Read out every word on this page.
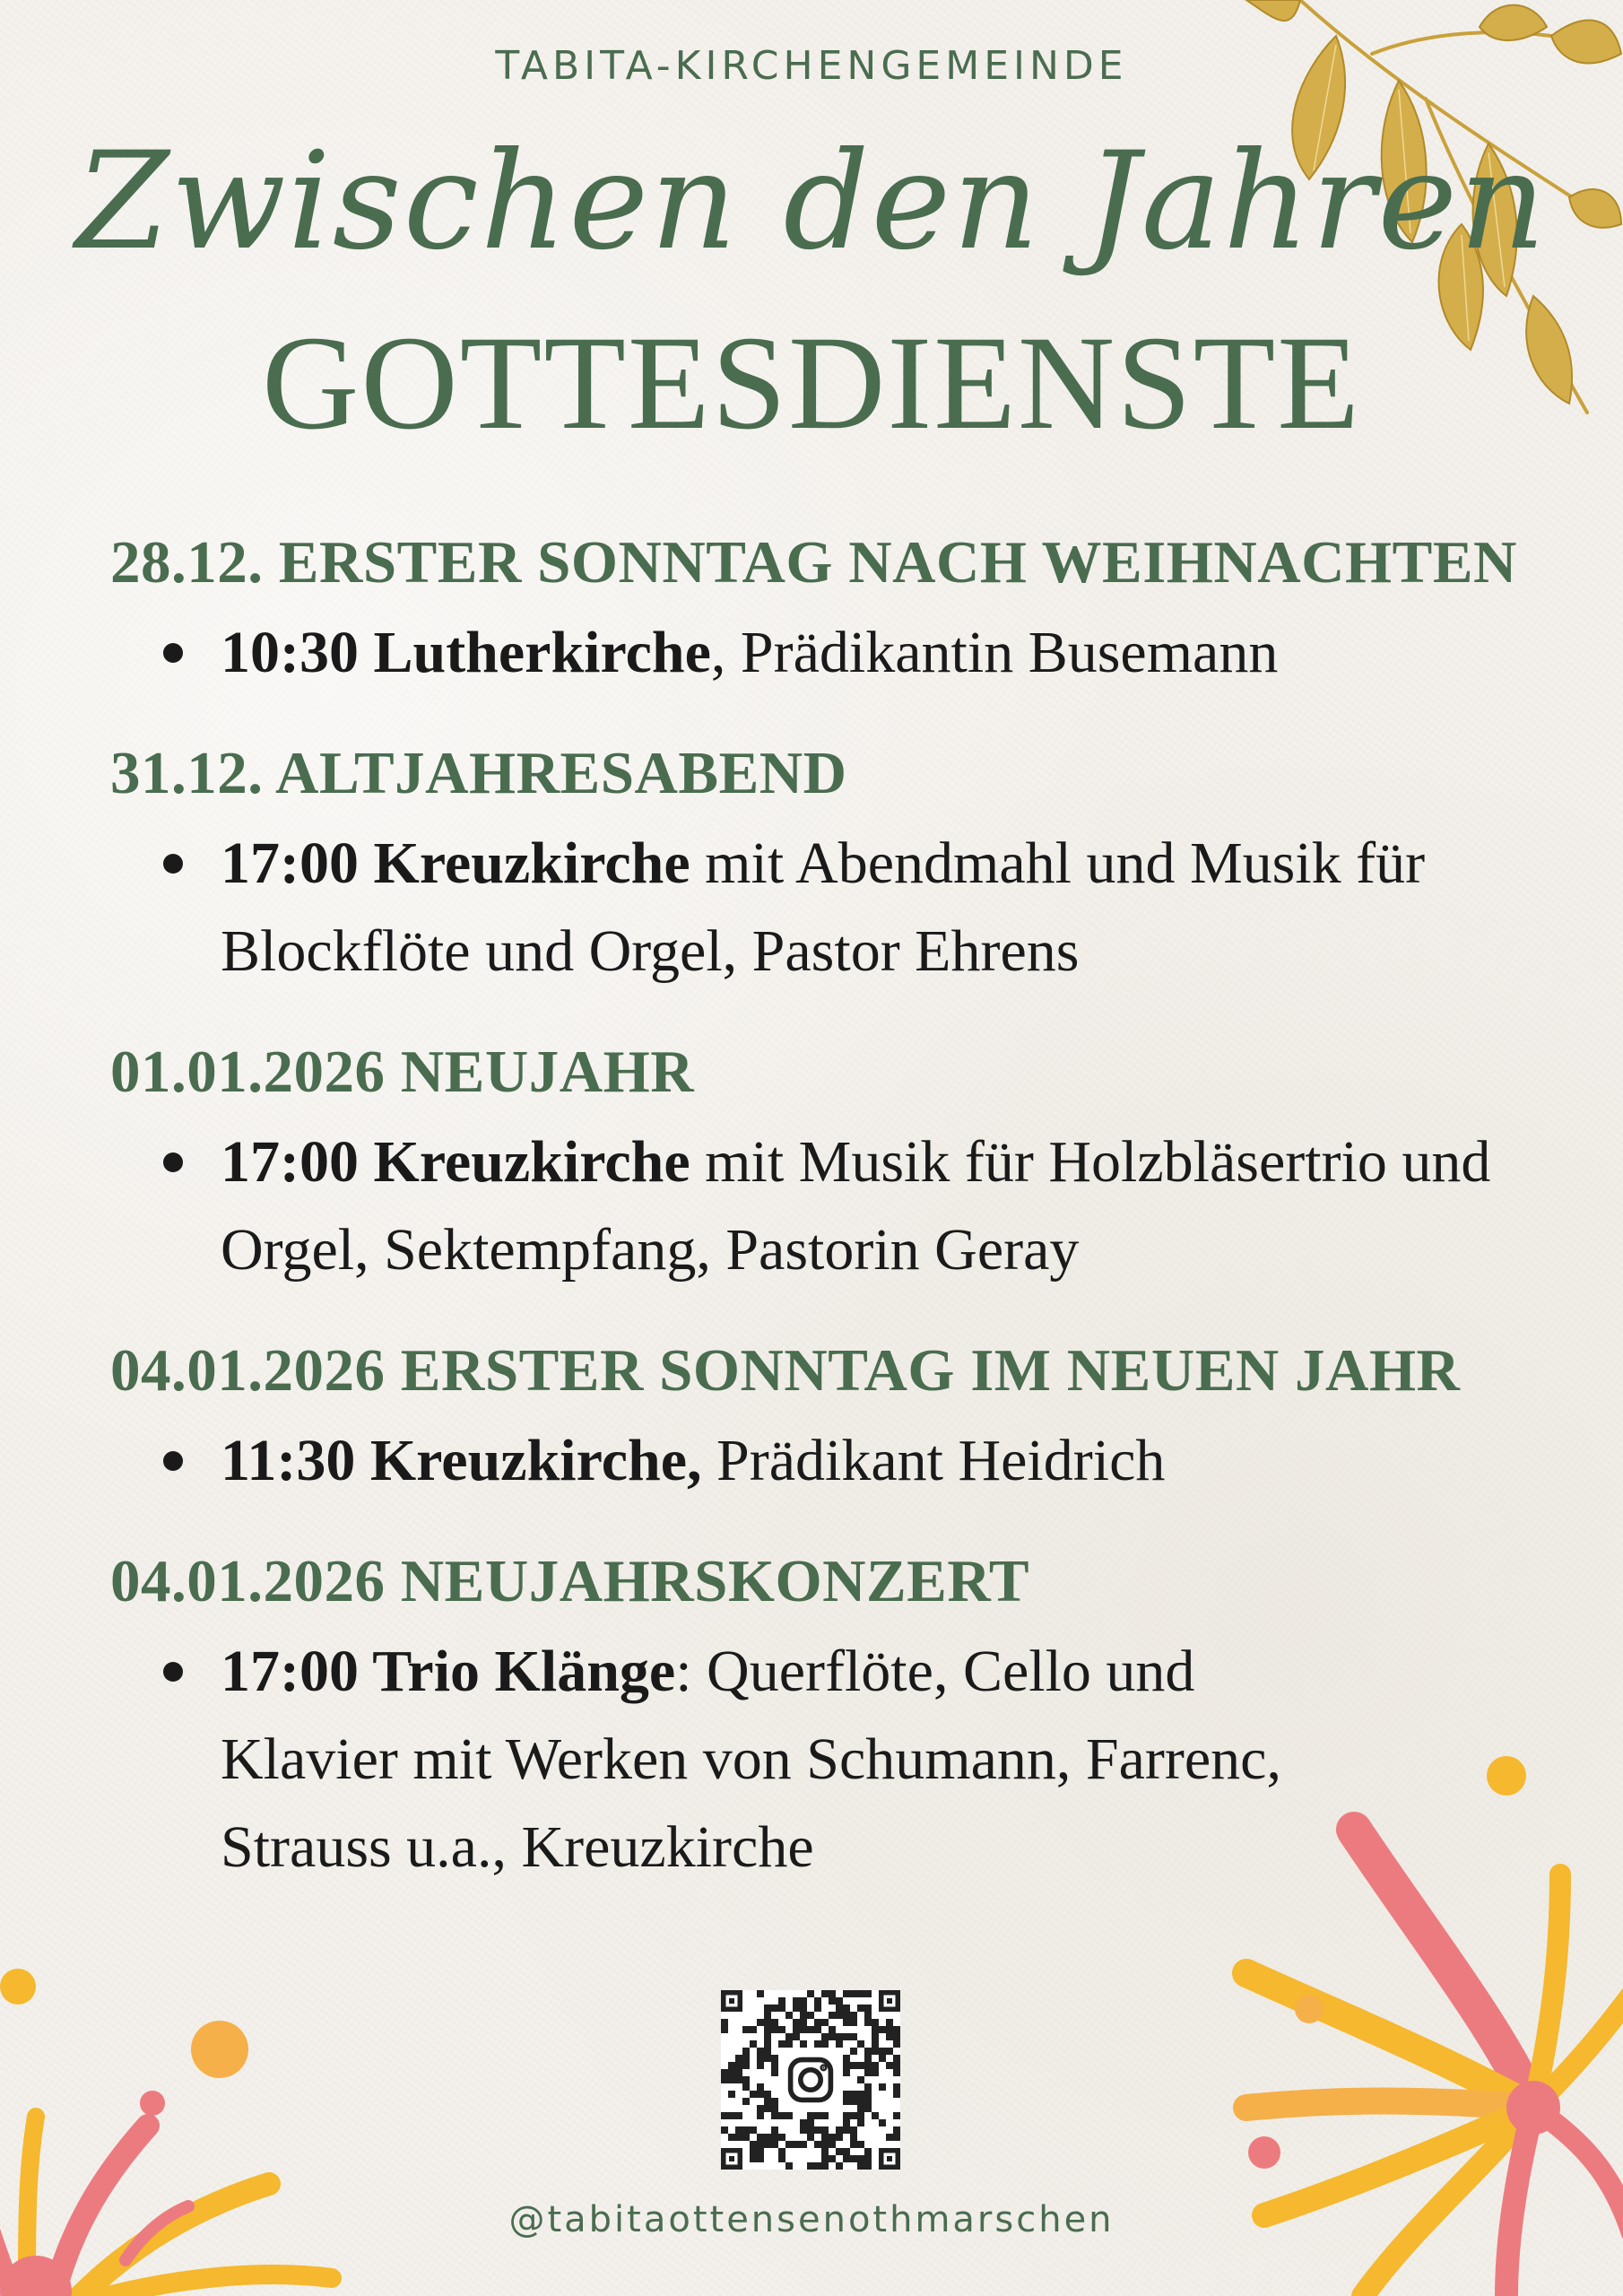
TABITA-KIRCHENGEMEINDE
Zwischen den Jahren
GOTTESDIENSTE
28.12. ERSTER SONNTAG NACH WEIHNACHTEN
10:30 Lutherkirche, Prädikantin Busemann
31.12. ALTJAHRESABEND
17:00 Kreuzkirche mit Abendmahl und Musik für Blockflöte und Orgel, Pastor Ehrens
01.01.2026 NEUJAHR
17:00 Kreuzkirche mit Musik für Holzbläsertrio und Orgel, Sektempfang, Pastorin Geray
04.01.2026 ERSTER SONNTAG IM NEUEN JAHR
11:30 Kreuzkirche, Prädikant Heidrich
04.01.2026 NEUJAHRSKONZERT
17:00 Trio Klänge: Querflöte, Cello und Klavier mit Werken von Schumann, Farrenc, Strauss u.a., Kreuzkirche
@tabitaottensenothmarschen
